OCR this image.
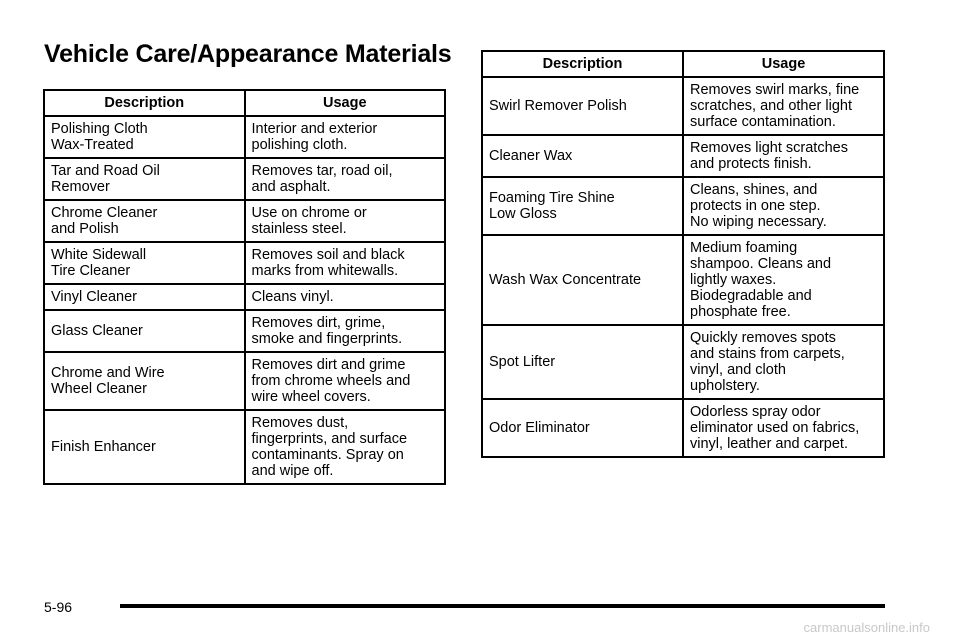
Vehicle Care/Appearance Materials
Description	Usage

Polishing Cloth
Wax-Treated	Interior and exterior
polishing cloth.

Tar and Road Oil
Remover	Removes tar, road oil,
and asphalt.

Chrome Cleaner
and Polish	Use on chrome or
stainless steel.

White Sidewall
Tire Cleaner	Removes soil and black
marks from whitewalls.

Vinyl Cleaner	Cleans vinyl.

Glass Cleaner	Removes dirt, grime,
smoke and fingerprints.

Chrome and Wire
Wheel Cleaner	Removes dirt and grime
from chrome wheels and
wire wheel covers.

Finish Enhancer	Removes dust,
fingerprints, and surface
contaminants. Spray on
and wipe off.
Description	Usage

Swirl Remover Polish	Removes swirl marks, fine
scratches, and other light
surface contamination.

Cleaner Wax	Removes light scratches
and protects finish.

Foaming Tire Shine
Low Gloss	Cleans, shines, and
protects in one step.
No wiping necessary.

Wash Wax Concentrate	Medium foaming
shampoo. Cleans and
lightly waxes.
Biodegradable and
phosphate free.

Spot Lifter	Quickly removes spots
and stains from carpets,
vinyl, and cloth
upholstery.

Odor Eliminator	Odorless spray odor
eliminator used on fabrics,
vinyl, leather and carpet.
5-96
carmanualsonline.info
